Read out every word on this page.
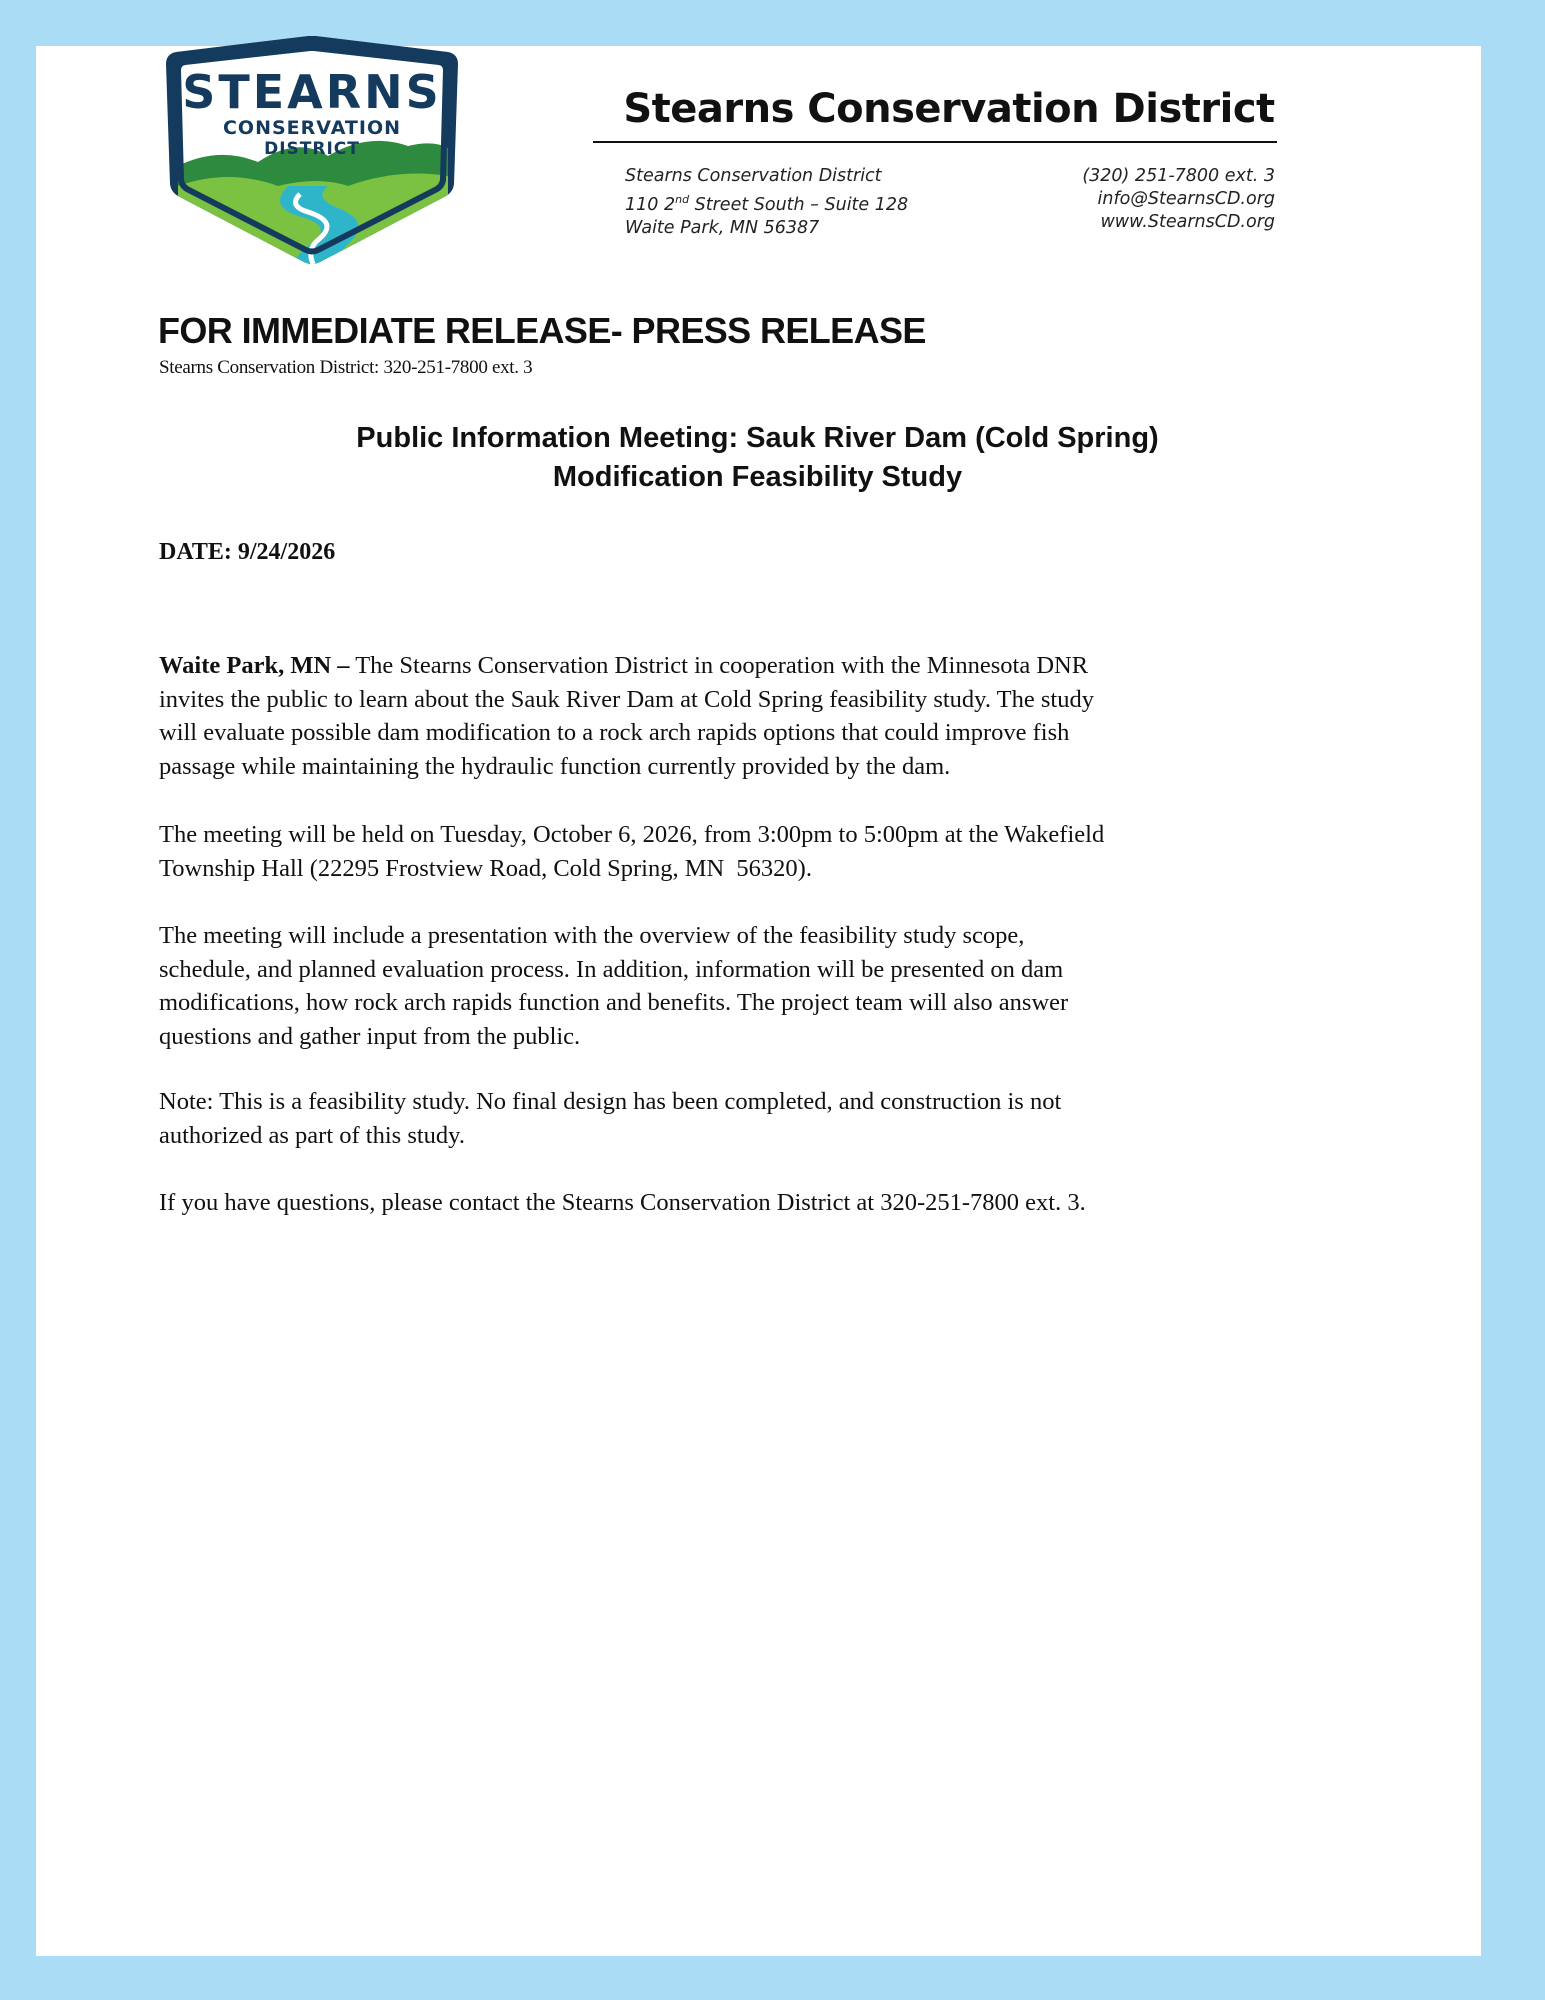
STEARNS
CONSERVATION
DISTRICT
Stearns Conservation District
Stearns Conservation District
110 2nd Street South – Suite 128
Waite Park, MN 56387
(320) 251-7800 ext. 3
info@StearnsCD.org
www.StearnsCD.org
FOR IMMEDIATE RELEASE- PRESS RELEASE
Stearns Conservation District: 320-251-7800 ext. 3
Public Information Meeting: Sauk River Dam (Cold Spring)
Modification Feasibility Study
DATE: 9/24/2026

Waite Park, MN – The Stearns Conservation District in cooperation with the Minnesota DNR

invites the public to learn about the Sauk River Dam at Cold Spring feasibility study. The study

will evaluate possible dam modification to a rock arch rapids options that could improve fish

passage while maintaining the hydraulic function currently provided by the dam.

The meeting will be held on Tuesday, October 6, 2026, from 3:00pm to 5:00pm at the Wakefield

Township Hall (22295 Frostview Road, Cold Spring, MN  56320).

The meeting will include a presentation with the overview of the feasibility study scope,

schedule, and planned evaluation process. In addition, information will be presented on dam

modifications, how rock arch rapids function and benefits. The project team will also answer

questions and gather input from the public.

Note: This is a feasibility study. No final design has been completed, and construction is not

authorized as part of this study.

If you have questions, please contact the Stearns Conservation District at 320-251-7800 ext. 3.
